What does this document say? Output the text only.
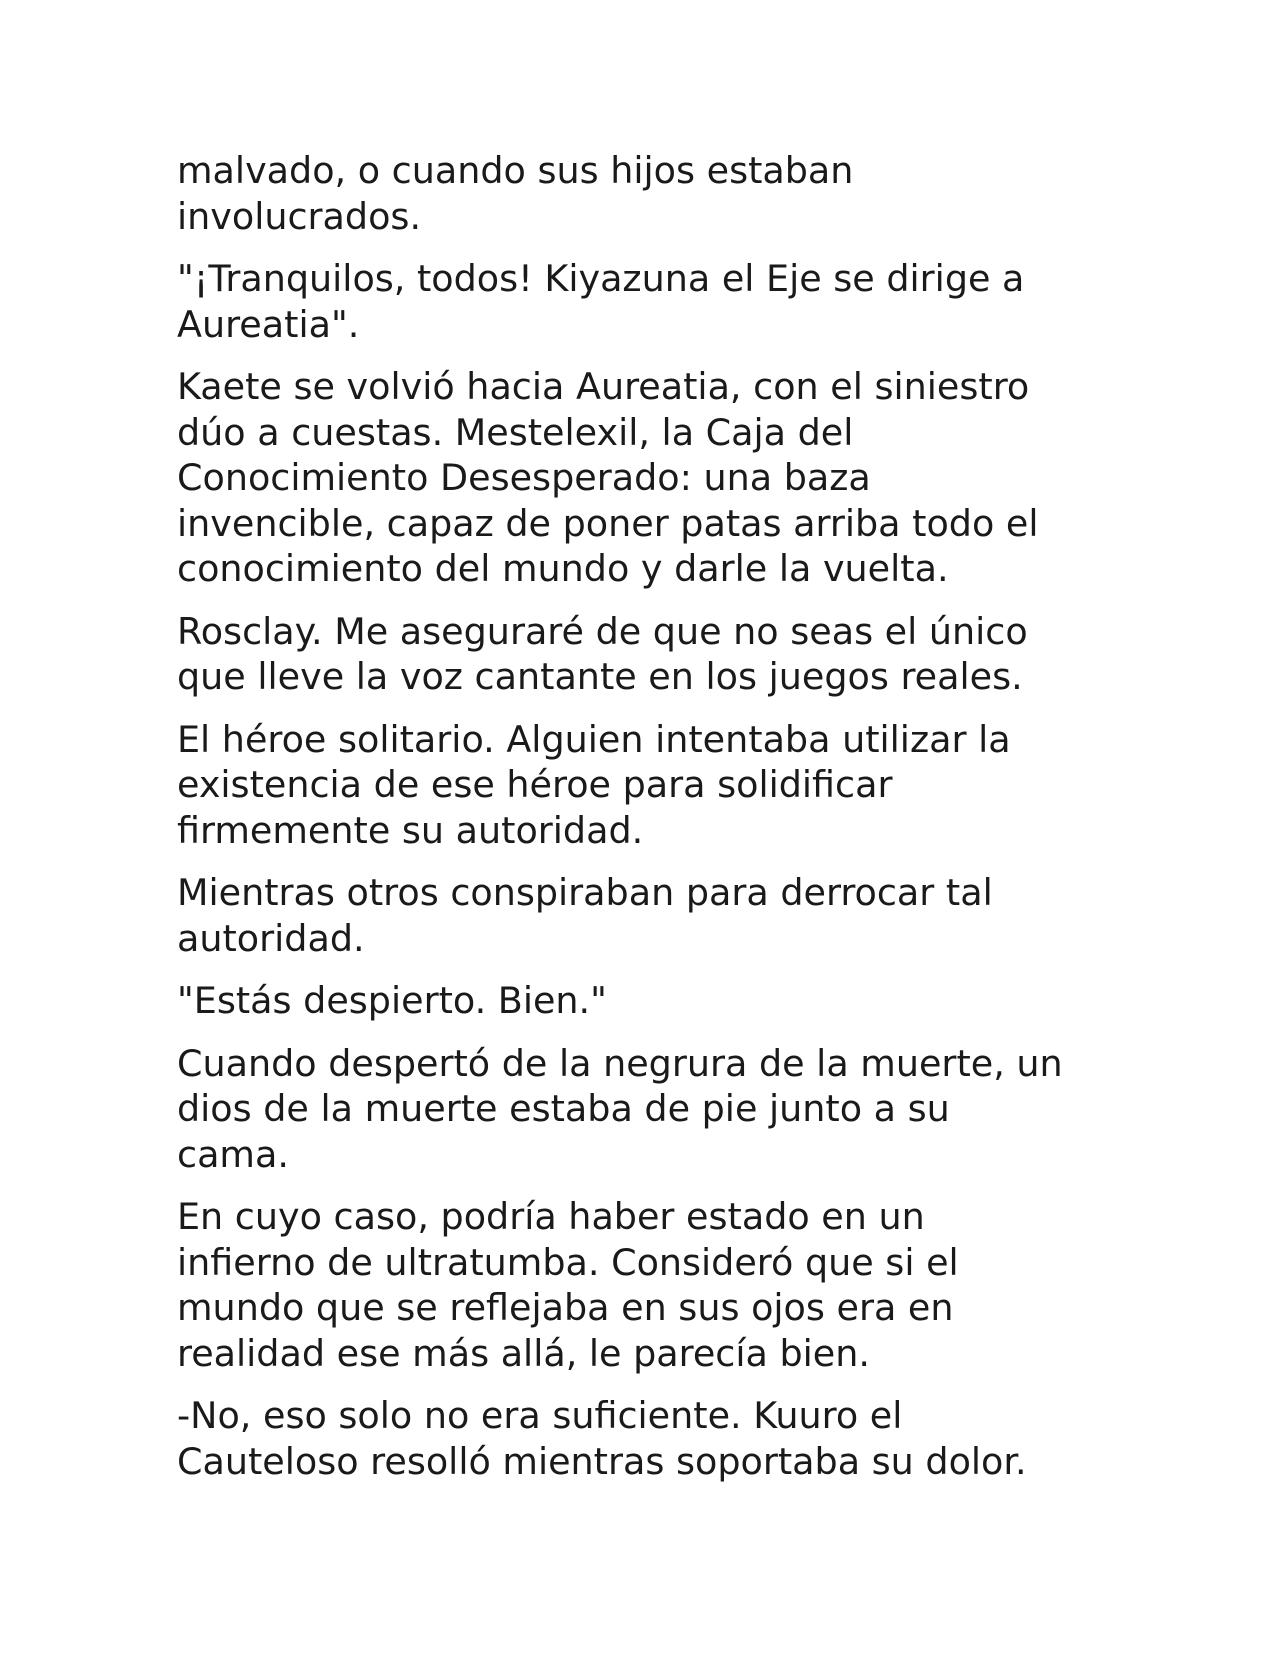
malvado, o cuando sus hijos estaban
involucrados.

"¡Tranquilos, todos! Kiyazuna el Eje se dirige a
Aureatia".

Kaete se volvió hacia Aureatia, con el siniestro
dúo a cuestas. Mestelexil, la Caja del
Conocimiento Desesperado: una baza
invencible, capaz de poner patas arriba todo el
conocimiento del mundo y darle la vuelta.

Rosclay. Me aseguraré de que no seas el único
que lleve la voz cantante en los juegos reales.

El héroe solitario. Alguien intentaba utilizar la
existencia de ese héroe para solidificar
firmemente su autoridad.

Mientras otros conspiraban para derrocar tal
autoridad.

"Estás despierto. Bien."

Cuando despertó de la negrura de la muerte, un
dios de la muerte estaba de pie junto a su
cama.

En cuyo caso, podría haber estado en un
infierno de ultratumba. Consideró que si el
mundo que se reflejaba en sus ojos era en
realidad ese más allá, le parecía bien.

-No, eso solo no era suficiente. Kuuro el
Cauteloso resolló mientras soportaba su dolor.
